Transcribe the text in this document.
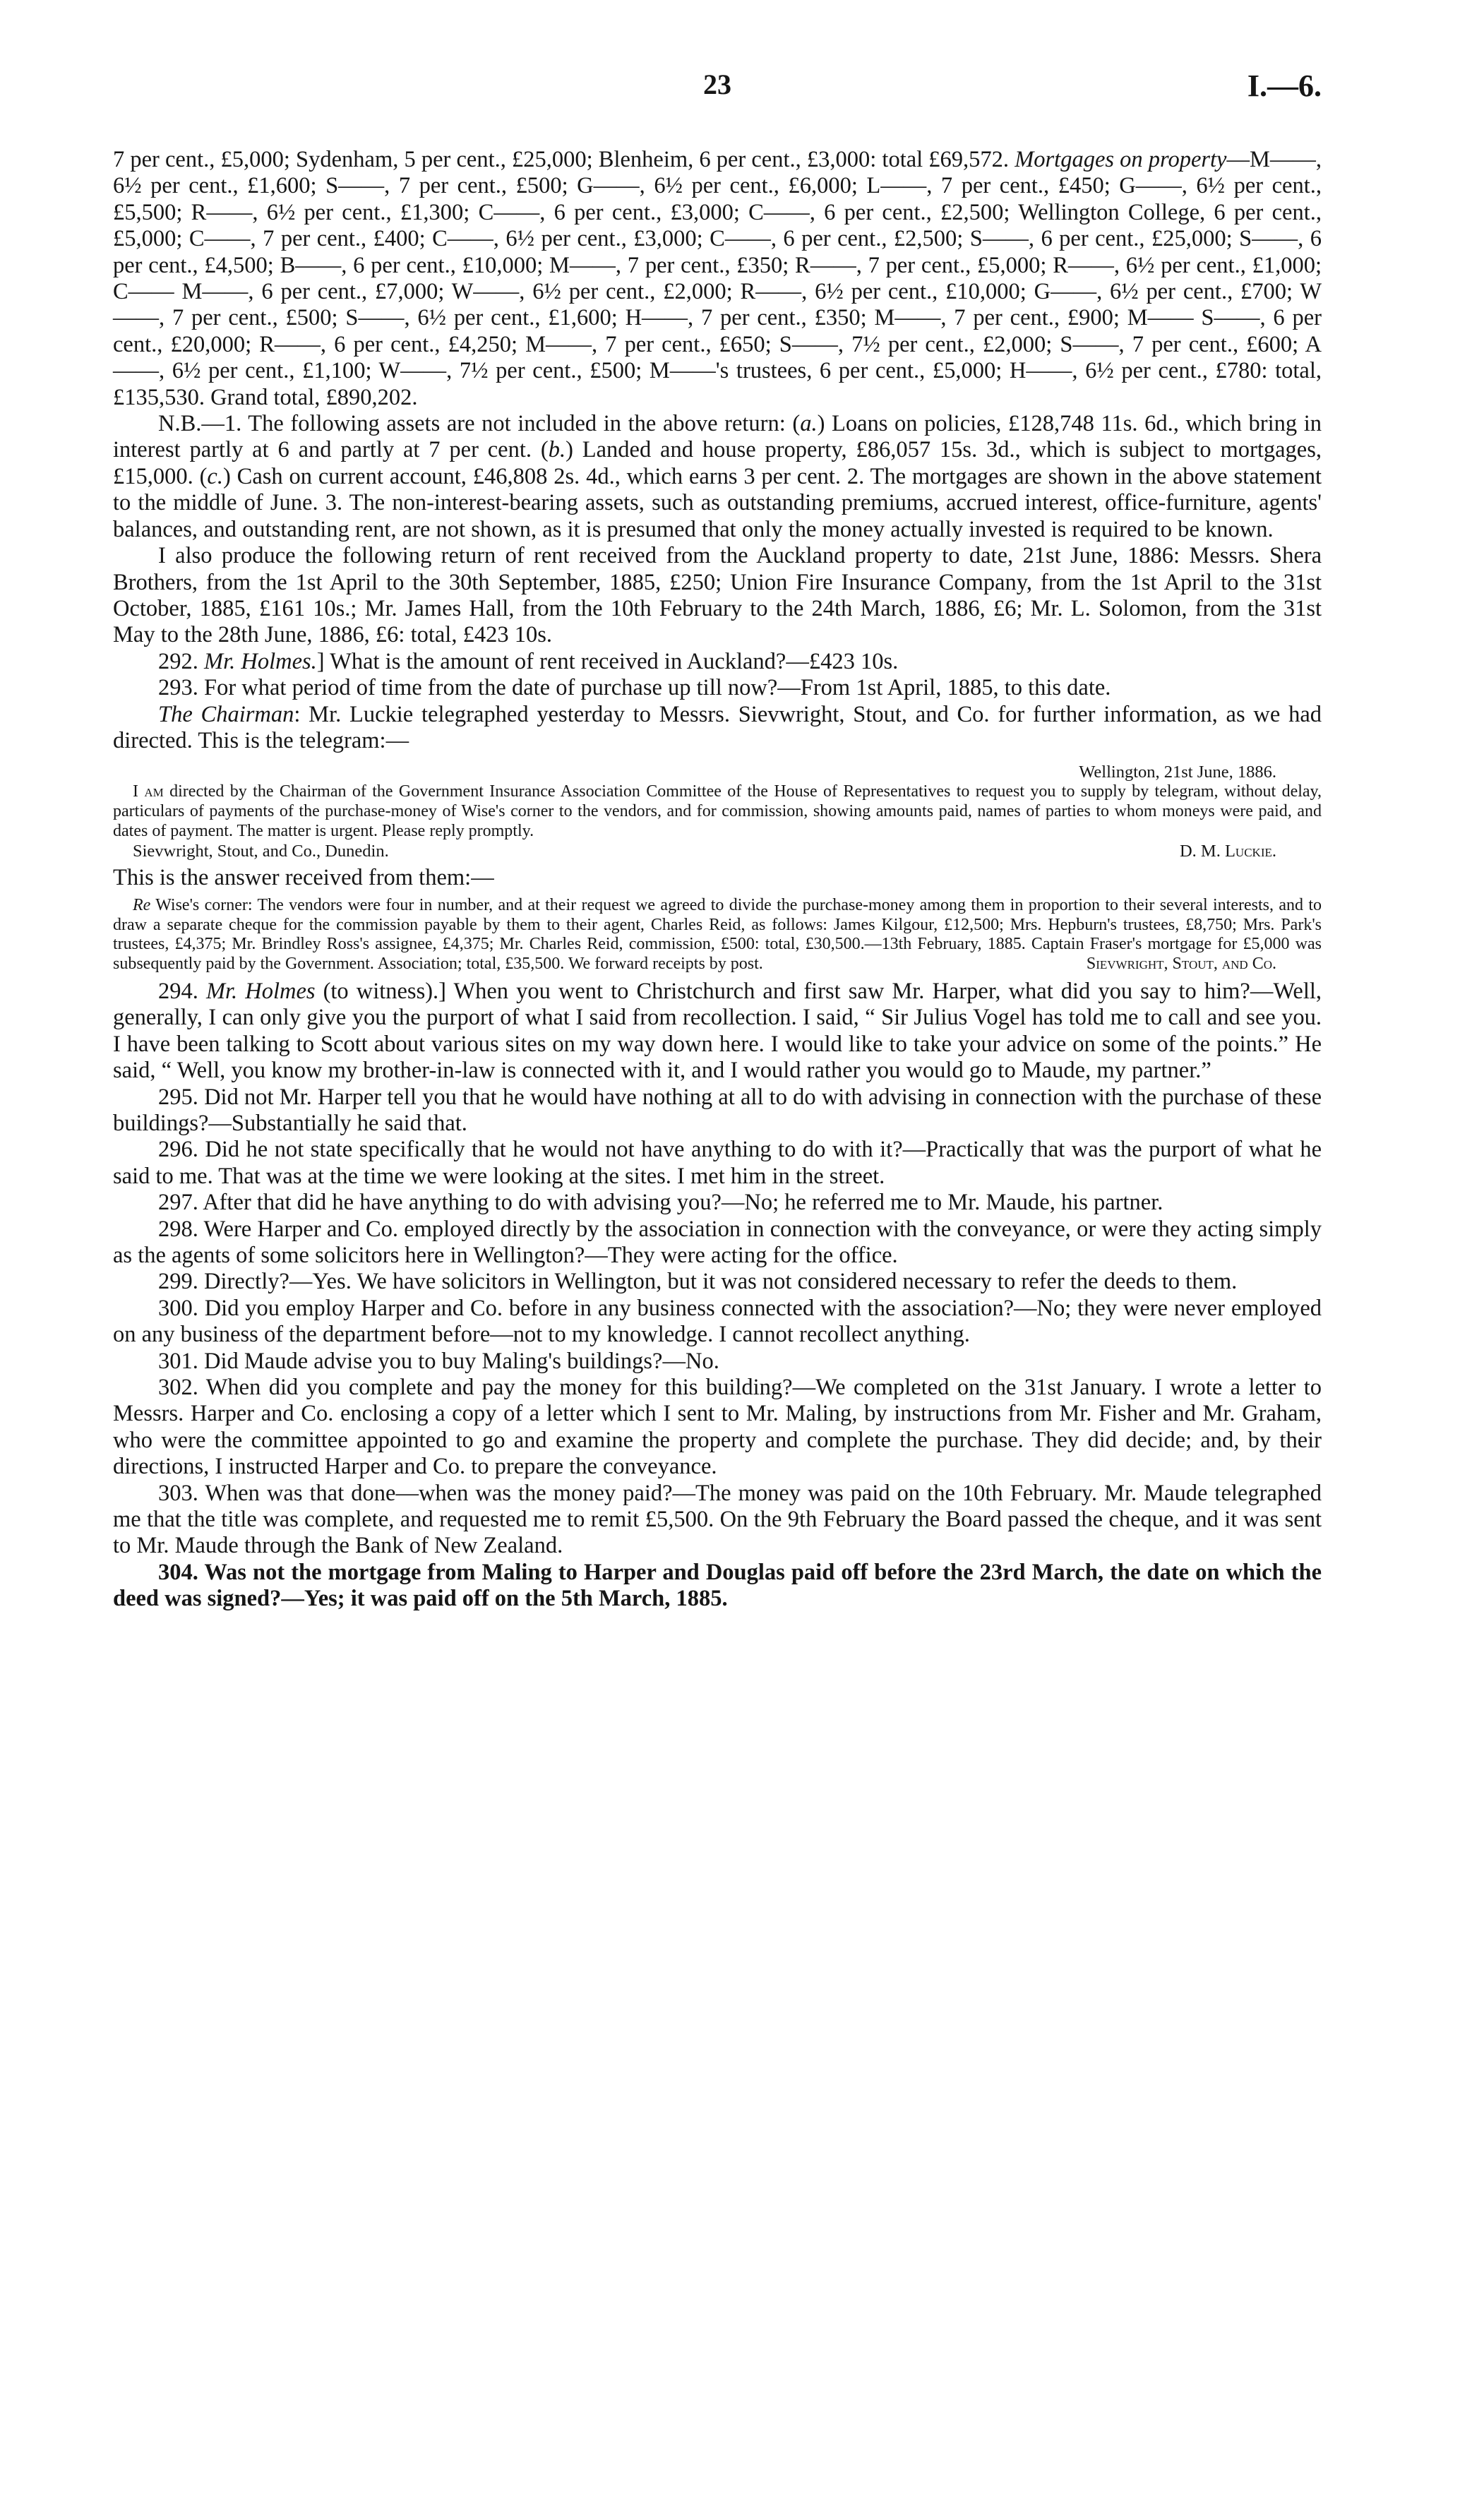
23	I.—6.

7 per cent., £5,000; Sydenham, 5 per cent., £25,000; Blenheim, 6 per cent., £3,000: total £69,572. Mortgages on property—M——, 6½ per cent., £1,600; S——, 7 per cent., £500; G——, 6½ per cent., £6,000; L——, 7 per cent., £450; G——, 6½ per cent., £5,500; R——, 6½ per cent., £1,300; C——, 6 per cent., £3,000; C——, 6 per cent., £2,500; Wellington College, 6 per cent., £5,000; C——, 7 per cent., £400; C——, 6½ per cent., £3,000; C——, 6 per cent., £2,500; S——, 6 per cent., £25,000; S——, 6 per cent., £4,500; B——, 6 per cent., £10,000; M——, 7 per cent., £350; R——, 7 per cent., £5,000; R——, 6½ per cent., £1,000; C—— M——, 6 per cent., £7,000; W——, 6½ per cent., £2,000; R——, 6½ per cent., £10,000; G——, 6½ per cent., £700; W——, 7 per cent., £500; S——, 6½ per cent., £1,600; H——, 7 per cent., £350; M——, 7 per cent., £900; M—— S——, 6 per cent., £20,000; R——, 6 per cent., £4,250; M——, 7 per cent., £650; S——, 7½ per cent., £2,000; S——, 7 per cent., £600; A——, 6½ per cent., £1,100; W——, 7½ per cent., £500; M——'s trustees, 6 per cent., £5,000; H——, 6½ per cent., £780: total, £135,530. Grand total, £890,202.

N.B.—1. The following assets are not included in the above return: (a.) Loans on policies, £128,748 11s. 6d., which bring in interest partly at 6 and partly at 7 per cent. (b.) Landed and house property, £86,057 15s. 3d., which is subject to mortgages, £15,000. (c.) Cash on current account, £46,808 2s. 4d., which earns 3 per cent. 2. The mortgages are shown in the above statement to the middle of June. 3. The non-interest-bearing assets, such as outstanding premiums, accrued interest, office-furniture, agents' balances, and outstanding rent, are not shown, as it is presumed that only the money actually invested is required to be known.

I also produce the following return of rent received from the Auckland property to date, 21st June, 1886: Messrs. Shera Brothers, from the 1st April to the 30th September, 1885, £250; Union Fire Insurance Company, from the 1st April to the 31st October, 1885, £161 10s.; Mr. James Hall, from the 10th February to the 24th March, 1886, £6; Mr. L. Solomon, from the 31st May to the 28th June, 1886, £6: total, £423 10s.

292. Mr. Holmes.] What is the amount of rent received in Auckland?—£423 10s.

293. For what period of time from the date of purchase up till now?—From 1st April, 1885, to this date.

The Chairman: Mr. Luckie telegraphed yesterday to Messrs. Sievwright, Stout, and Co. for further information, as we had directed. This is the telegram:—

Wellington, 21st June, 1886.

I am directed by the Chairman of the Government Insurance Association Committee of the House of Representatives to request you to supply by telegram, without delay, particulars of payments of the purchase-money of Wise's corner to the vendors, and for commission, showing amounts paid, names of parties to whom moneys were paid, and dates of payment. The matter is urgent. Please reply promptly.

Sievwright, Stout, and Co., Dunedin.	D. M. Luckie.

This is the answer received from them:—

Re Wise's corner: The vendors were four in number, and at their request we agreed to divide the purchase-money among them in proportion to their several interests, and to draw a separate cheque for the commission payable by them to their agent, Charles Reid, as follows: James Kilgour, £12,500; Mrs. Hepburn's trustees, £8,750; Mrs. Park's trustees, £4,375; Mr. Brindley Ross's assignee, £4,375; Mr. Charles Reid, commission, £500: total, £30,500.—13th February, 1885. Captain Fraser's mortgage for £5,000 was subsequently paid by the Government. Association; total, £35,500. We forward receipts by post.	Sievwright, Stout, and Co.

294. Mr. Holmes (to witness).] When you went to Christchurch and first saw Mr. Harper, what did you say to him?—Well, generally, I can only give you the purport of what I said from recollection. I said, “ Sir Julius Vogel has told me to call and see you. I have been talking to Scott about various sites on my way down here. I would like to take your advice on some of the points.” He said, “ Well, you know my brother-in-law is connected with it, and I would rather you would go to Maude, my partner.”

295. Did not Mr. Harper tell you that he would have nothing at all to do with advising in connection with the purchase of these buildings?—Substantially he said that.

296. Did he not state specifically that he would not have anything to do with it?—Practically that was the purport of what he said to me. That was at the time we were looking at the sites. I met him in the street.

297. After that did he have anything to do with advising you?—No; he referred me to Mr. Maude, his partner.

298. Were Harper and Co. employed directly by the association in connection with the conveyance, or were they acting simply as the agents of some solicitors here in Wellington?—They were acting for the office.

299. Directly?—Yes. We have solicitors in Wellington, but it was not considered necessary to refer the deeds to them.

300. Did you employ Harper and Co. before in any business connected with the association?—No; they were never employed on any business of the department before—not to my knowledge. I cannot recollect anything.

301. Did Maude advise you to buy Maling's buildings?—No.

302. When did you complete and pay the money for this building?—We completed on the 31st January. I wrote a letter to Messrs. Harper and Co. enclosing a copy of a letter which I sent to Mr. Maling, by instructions from Mr. Fisher and Mr. Graham, who were the committee appointed to go and examine the property and complete the purchase. They did decide; and, by their directions, I instructed Harper and Co. to prepare the conveyance.

303. When was that done—when was the money paid?—The money was paid on the 10th February. Mr. Maude telegraphed me that the title was complete, and requested me to remit £5,500. On the 9th February the Board passed the cheque, and it was sent to Mr. Maude through the Bank of New Zealand.

304. Was not the mortgage from Maling to Harper and Douglas paid off before the 23rd March, the date on which the deed was signed?—Yes; it was paid off on the 5th March, 1885.
